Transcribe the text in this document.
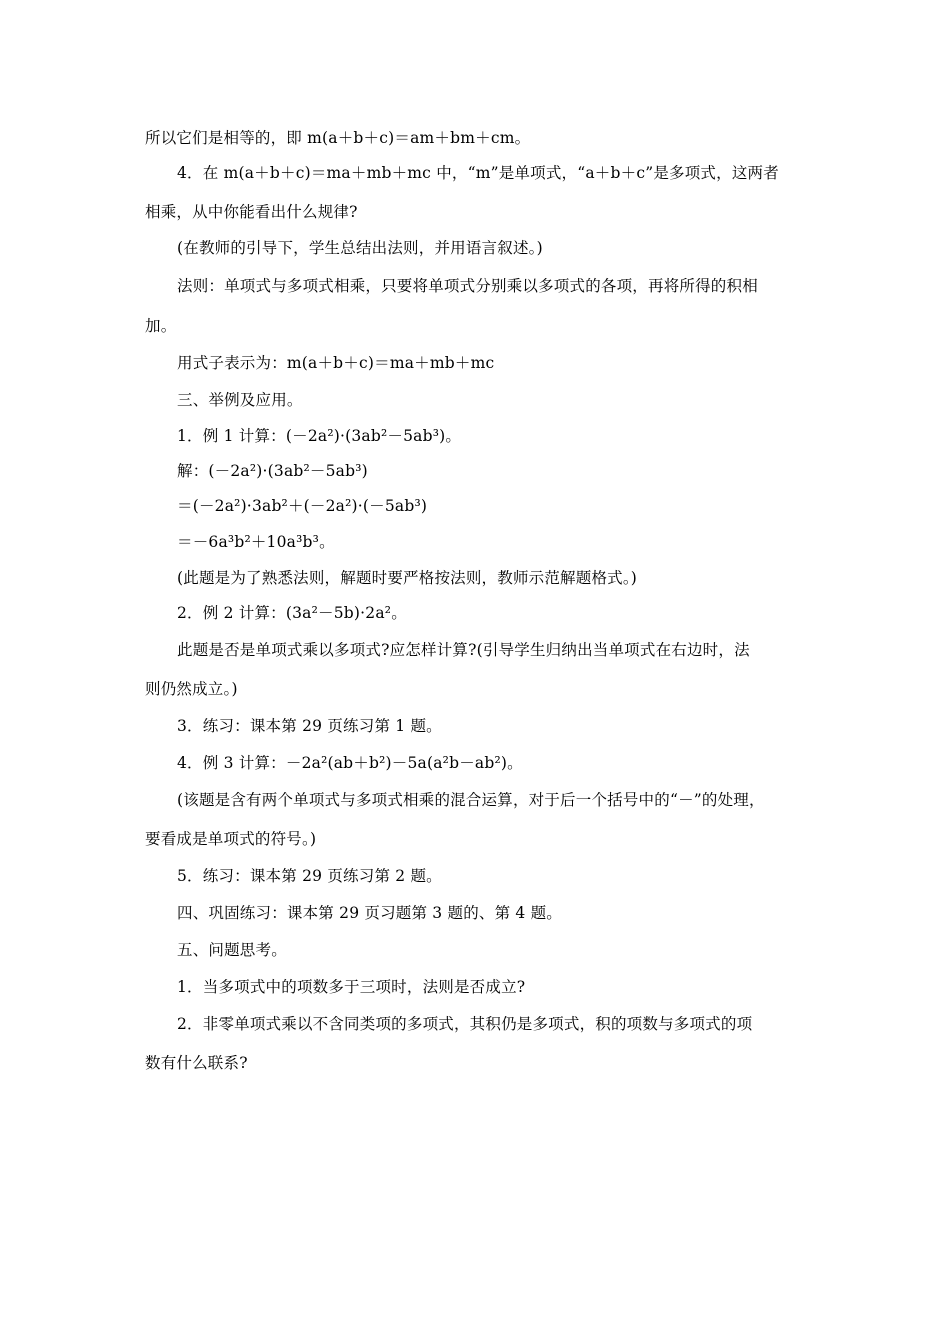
所以它们是相等的，即 m(a＋b＋c)＝am＋bm＋cm。
4．在 m(a＋b＋c)＝ma＋mb＋mc 中，“m”是单项式，“a＋b＋c”是多项式，这两者
相乘，从中你能看出什么规律?
(在教师的引导下，学生总结出法则，并用语言叙述。)
法则：单项式与多项式相乘，只要将单项式分别乘以多项式的各项，再将所得的积相
加。
用式子表示为：m(a＋b＋c)＝ma＋mb＋mc
三、举例及应用。
1．例 1 计算：(－2a²)·(3ab²－5ab³)。
解：(－2a²)·(3ab²－5ab³)
＝(－2a²)·3ab²＋(－2a²)·(－5ab³)
＝－6a³b²＋10a³b³。
(此题是为了熟悉法则，解题时要严格按法则，教师示范解题格式。)
2．例 2 计算：(3a²－5b)·2a²。
此题是否是单项式乘以多项式?应怎样计算?(引导学生归纳出当单项式在右边时，法
则仍然成立。)
3．练习：课本第 29 页练习第 1 题。
4．例 3 计算：－2a²(ab＋b²)－5a(a²b－ab²)。
(该题是含有两个单项式与多项式相乘的混合运算，对于后一个括号中的“－”的处理，
要看成是单项式的符号。)
5．练习：课本第 29 页练习第 2 题。
四、巩固练习：课本第 29 页习题第 3 题的、第 4 题。
五、问题思考。
1．当多项式中的项数多于三项时，法则是否成立?
2．非零单项式乘以不含同类项的多项式，其积仍是多项式，积的项数与多项式的项
数有什么联系?
